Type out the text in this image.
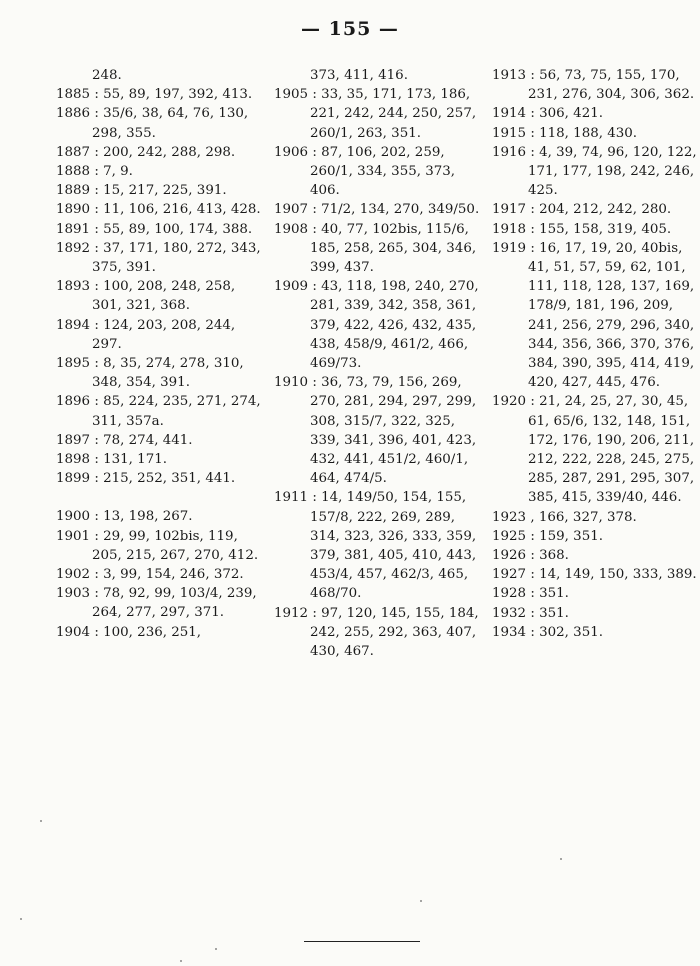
— 155 —
248.
1885 : 55, 89, 197, 392, 413.
1886 : 35/6, 38, 64, 76, 130, 298, 355.
1887 : 200, 242, 288, 298.
1888 : 7, 9.
1889 : 15, 217, 225, 391.
1890 : 11, 106, 216, 413, 428.
1891 : 55, 89, 100, 174, 388.
1892 : 37, 171, 180, 272, 343, 375, 391.
1893 : 100, 208, 248, 258, 301, 321, 368.
1894 : 124, 203, 208, 244, 297.
1895 : 8, 35, 274, 278, 310, 348, 354, 391.
1896 : 85, 224, 235, 271, 274, 311, 357a.
1897 : 78, 274, 441.
1898 : 131, 171.
1899 : 215, 252, 351, 441.
1900 : 13, 198, 267.
1901 : 29, 99, 102bis, 119, 205, 215, 267, 270, 412.
1902 : 3, 99, 154, 246, 372.
1903 : 78, 92, 99, 103/4, 239, 264, 277, 297, 371.
1904 : 100, 236, 251,
373, 411, 416.
1905 : 33, 35, 171, 173, 186, 221, 242, 244, 250, 257, 260/1, 263, 351.
1906 : 87, 106, 202, 259, 260/1, 334, 355, 373, 406.
1907 : 71/2, 134, 270, 349/50.
1908 : 40, 77, 102bis, 115/6, 185, 258, 265, 304, 346, 399, 437.
1909 : 43, 118, 198, 240, 270, 281, 339, 342, 358, 361, 379, 422, 426, 432, 435, 438, 458/9, 461/2, 466, 469/73.
1910 : 36, 73, 79, 156, 269, 270, 281, 294, 297, 299, 308, 315/7, 322, 325, 339, 341, 396, 401, 423, 432, 441, 451/2, 460/1, 464, 474/5.
1911 : 14, 149/50, 154, 155, 157/8, 222, 269, 289, 314, 323, 326, 333, 359, 379, 381, 405, 410, 443, 453/4, 457, 462/3, 465, 468/70.
1912 : 97, 120, 145, 155, 184, 242, 255, 292, 363, 407, 430, 467.
1913 : 56, 73, 75, 155, 170, 231, 276, 304, 306, 362.
1914 : 306, 421.
1915 : 118, 188, 430.
1916 : 4, 39, 74, 96, 120, 122, 171, 177, 198, 242, 246, 425.
1917 : 204, 212, 242, 280.
1918 : 155, 158, 319, 405.
1919 : 16, 17, 19, 20, 40bis, 41, 51, 57, 59, 62, 101, 111, 118, 128, 137, 169, 178/9, 181, 196, 209, 241, 256, 279, 296, 340, 344, 356, 366, 370, 376, 384, 390, 395, 414, 419, 420, 427, 445, 476.
1920 : 21, 24, 25, 27, 30, 45, 61, 65/6, 132, 148, 151, 172, 176, 190, 206, 211, 212, 222, 228, 245, 275, 285, 287, 291, 295, 307, 385, 415, 339/40, 446.
1923 , 166, 327, 378.
1925 : 159, 351.
1926 : 368.
1927 : 14, 149, 150, 333, 389.
1928 : 351.
1932 : 351.
1934 : 302, 351.
